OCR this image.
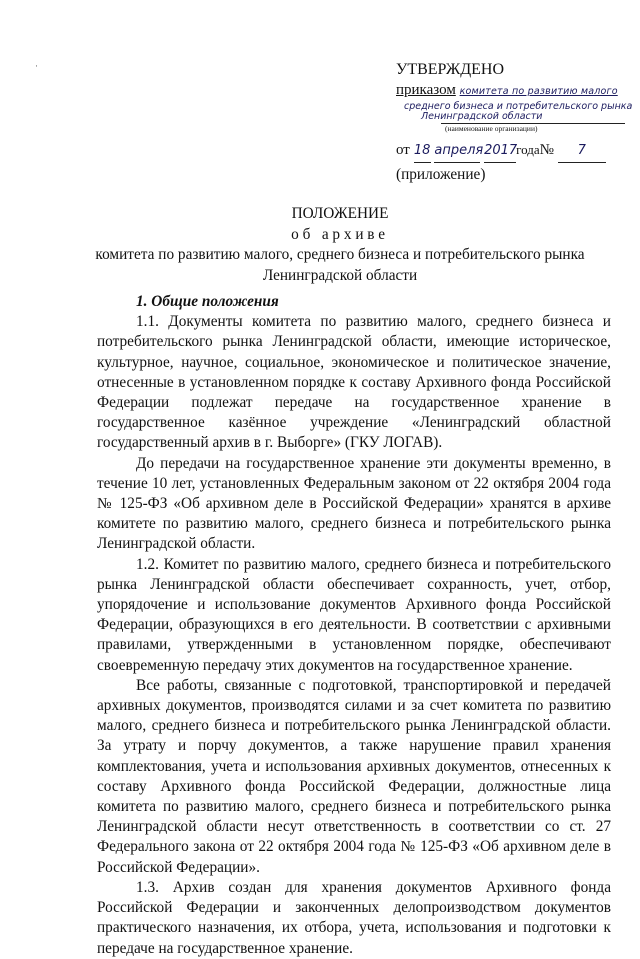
·	УТВЕРЖДЕНО
приказом комитета по развитию малого
среднего бизнеса и потребительского рынка
Ленинградской области
(наименование организации)
от 18 апреля 2017года№ 7
(приложение)
ПОЛОЖЕНИЕ
об архиве
комитета по развитию малого, среднего бизнеса и потребительского рынка
Ленинградской области
1. Общие положения

1.1. Документы комитета по развитию малого, среднего бизнеса и потребительского рынка Ленинградской области, имеющие историческое, культурное, научное, социальное, экономическое и политическое значение, отнесенные в установленном порядке к составу Архивного фонда Российской Федерации подлежат передаче на государственное хранение в государственное казённое учреждение «Ленинградский областной государственный архив в г. Выборге» (ГКУ ЛОГАВ).

До передачи на государственное хранение эти документы временно, в течение 10 лет, установленных Федеральным законом от 22 октября 2004 года № 125-ФЗ «Об архивном деле в Российской Федерации» хранятся в архиве комитете по развитию малого, среднего бизнеса и потребительского рынка Ленинградской области.

1.2. Комитет по развитию малого, среднего бизнеса и потребительского рынка Ленинградской области обеспечивает сохранность, учет, отбор, упорядочение и использование документов Архивного фонда Российской Федерации, образующихся в его деятельности. В соответствии с архивными правилами, утвержденными в установленном порядке, обеспечивают своевременную передачу этих документов на государственное хранение.

Все работы, связанные с подготовкой, транспортировкой и передачей архивных документов, производятся силами и за счет комитета по развитию малого, среднего бизнеса и потребительского рынка Ленинградской области. За утрату и порчу документов, а также нарушение правил хранения комплектования, учета и использования архивных документов, отнесенных к составу Архивного фонда Российской Федерации, должностные лица комитета по развитию малого, среднего бизнеса и потребительского рынка Ленинградской области несут ответственность в соответствии со ст. 27 Федерального закона от 22 октября 2004 года № 125-ФЗ «Об архивном деле в Российской Федерации».

1.3. Архив создан для хранения документов Архивного фонда Российской Федерации и законченных делопроизводством документов практического назначения, их отбора, учета, использования и подготовки к передаче на государственное хранение.
